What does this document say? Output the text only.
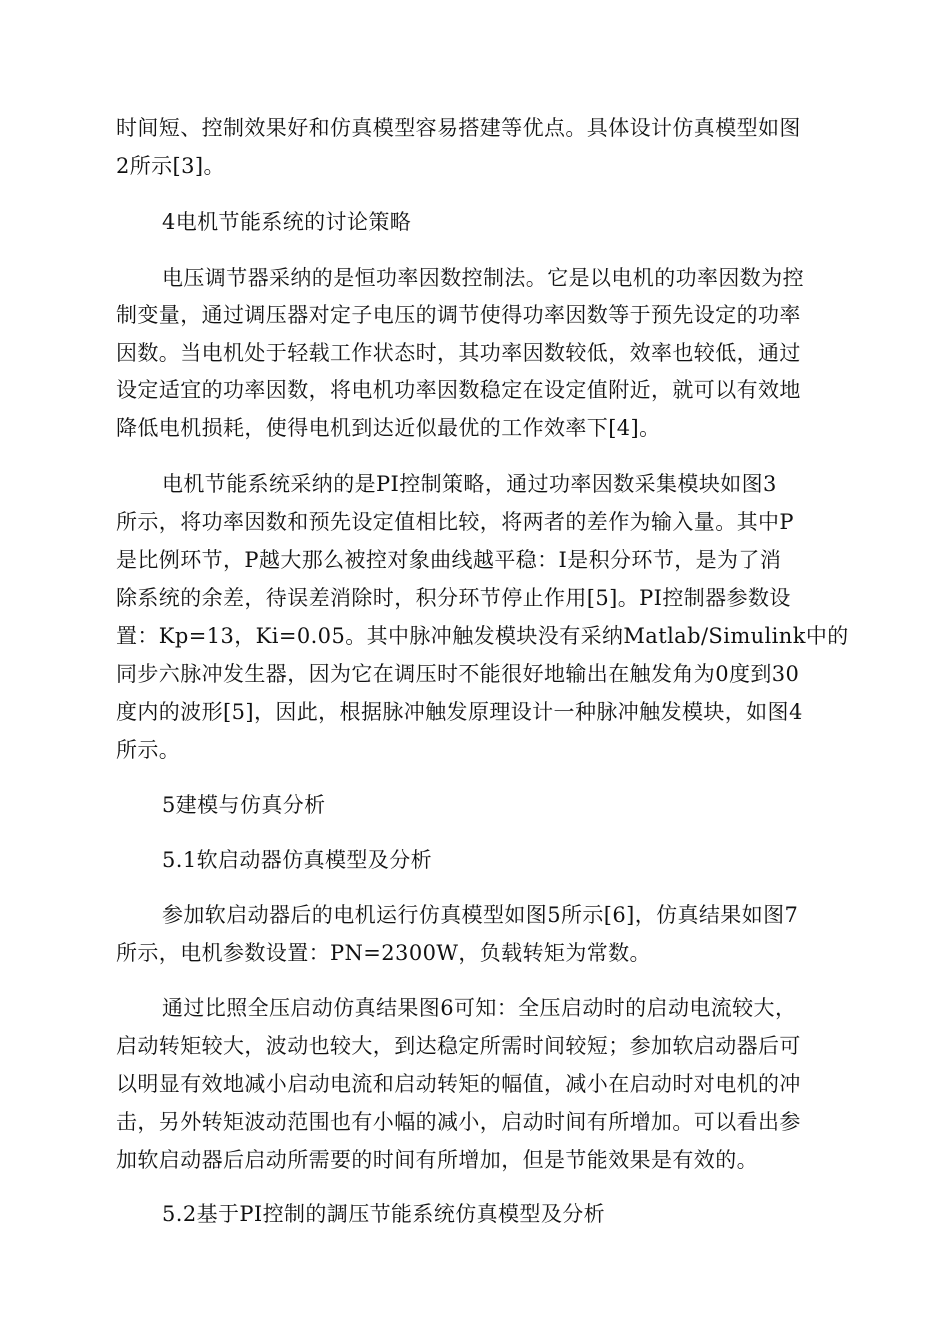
时间短、控制效果好和仿真模型容易搭建等优点。具体设计仿真模型如图
2所示[3]。
4电机节能系统的讨论策略
电压调节器采纳的是恒功率因数控制法。它是以电机的功率因数为控
制变量，通过调压器对定子电压的调节使得功率因数等于预先设定的功率
因数。当电机处于轻载工作状态时，其功率因数较低，效率也较低，通过
设定适宜的功率因数，将电机功率因数稳定在设定值附近，就可以有效地
降低电机损耗，使得电机到达近似最优的工作效率下[4]。
电机节能系统采纳的是PI控制策略，通过功率因数采集模块如图3
所示，将功率因数和预先设定值相比较，将两者的差作为输入量。其中P
是比例环节，P越大那么被控对象曲线越平稳：I是积分环节，是为了消
除系统的余差，待误差消除时，积分环节停止作用[5]。PI控制器参数设
置：Kp=13，Ki=0.05。其中脉冲触发模块没有采纳Matlab/Simulink中的
同步六脉冲发生器，因为它在调压时不能很好地输出在触发角为0度到30
度内的波形[5]，因此，根据脉冲触发原理设计一种脉冲触发模块，如图4
所示。
5建模与仿真分析
5.1软启动器仿真模型及分析
参加软启动器后的电机运行仿真模型如图5所示[6]，仿真结果如图7
所示，电机参数设置：PN=2300W，负载转矩为常数。
通过比照全压启动仿真结果图6可知：全压启动时的启动电流较大，
启动转矩较大，波动也较大，到达稳定所需时间较短；参加软启动器后可
以明显有效地减小启动电流和启动转矩的幅值，减小在启动时对电机的冲
击，另外转矩波动范围也有小幅的减小，启动时间有所增加。可以看出参
加软启动器后启动所需要的时间有所增加，但是节能效果是有效的。
5.2基于PI控制的調压节能系统仿真模型及分析
